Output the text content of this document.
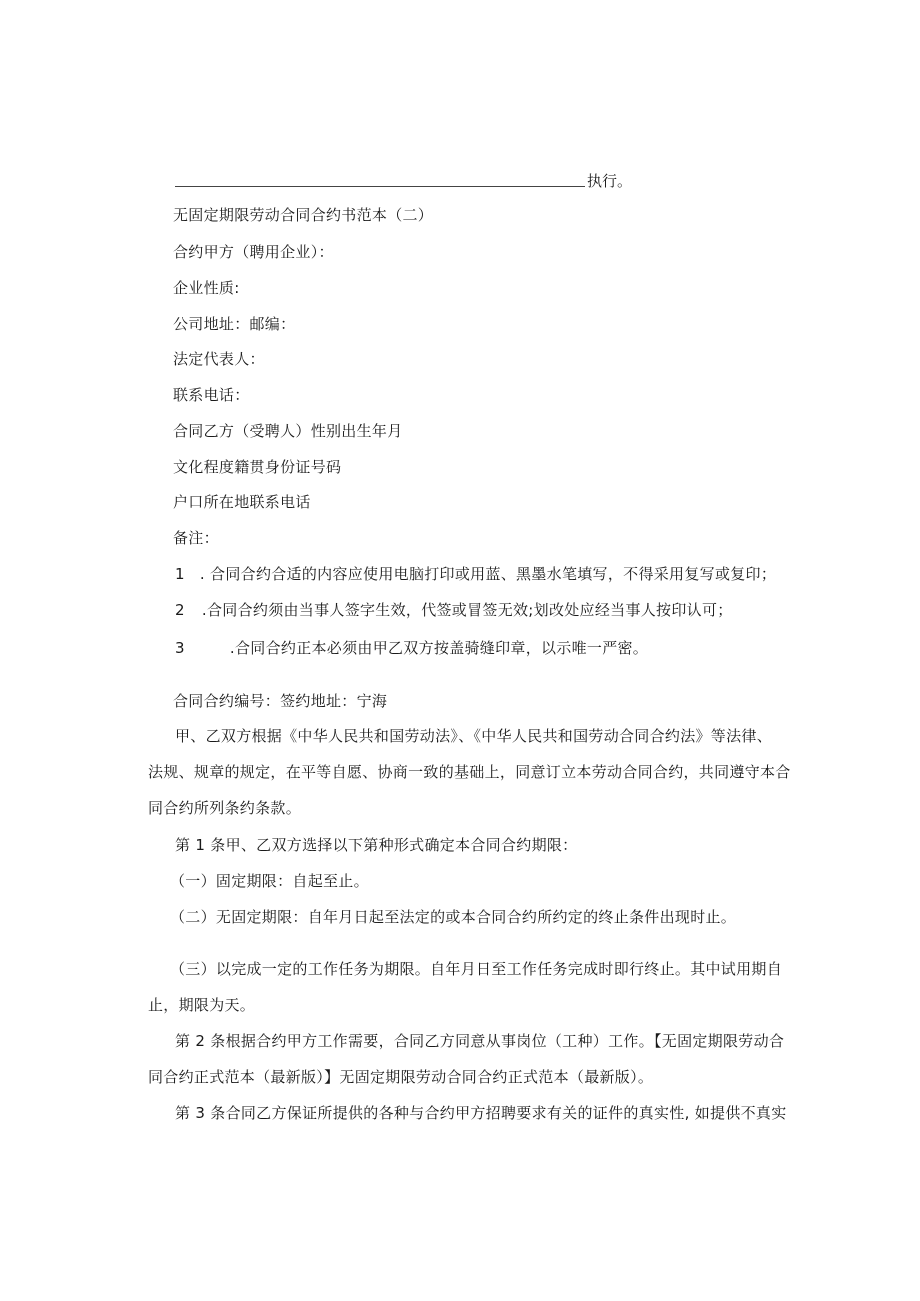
执行。
无固定期限劳动合同合约书范本（二）
合约甲方（聘用企业）：
企业性质:
公司地址：邮编：
法定代表人：
联系电话：
合同乙方（受聘人）性别出生年月
文化程度籍贯身份证号码
户口所在地联系电话
备注：
1 . 合同合约合适的内容应使用电脑打印或用蓝、黑墨水笔填写，不得采用复写或复印；
2 .合同合约须由当事人签字生效，代签或冒签无效;划改处应经当事人按印认可；
3	.合同合约正本必须由甲乙双方按盖骑缝印章，以示唯一严密。
合同合约编号：签约地址：宁海
甲、乙双方根据《中华人民共和国劳动法》、《中华人民共和国劳动合同合约法》等法律、
法规、规章的规定，在平等自愿、协商一致的基础上，同意订立本劳动合同合约，共同遵守本合
同合约所列条约条款。
第 1 条甲、乙双方选择以下第种形式确定本合同合约期限：
（一）固定期限：自起至止。
（二）无固定期限：自年月日起至法定的或本合同合约所约定的终止条件出现时止。
（三）以完成一定的工作任务为期限。自年月日至工作任务完成时即行终止。其中试用期自
止，期限为天。
第 2 条根据合约甲方工作需要，合同乙方同意从事岗位（工种）工作。【无固定期限劳动合
同合约正式范本（最新版）】无固定期限劳动合同合约正式范本（最新版）。
第 3 条合同乙方保证所提供的各种与合约甲方招聘要求有关的证件的真实性, 如提供不真实
